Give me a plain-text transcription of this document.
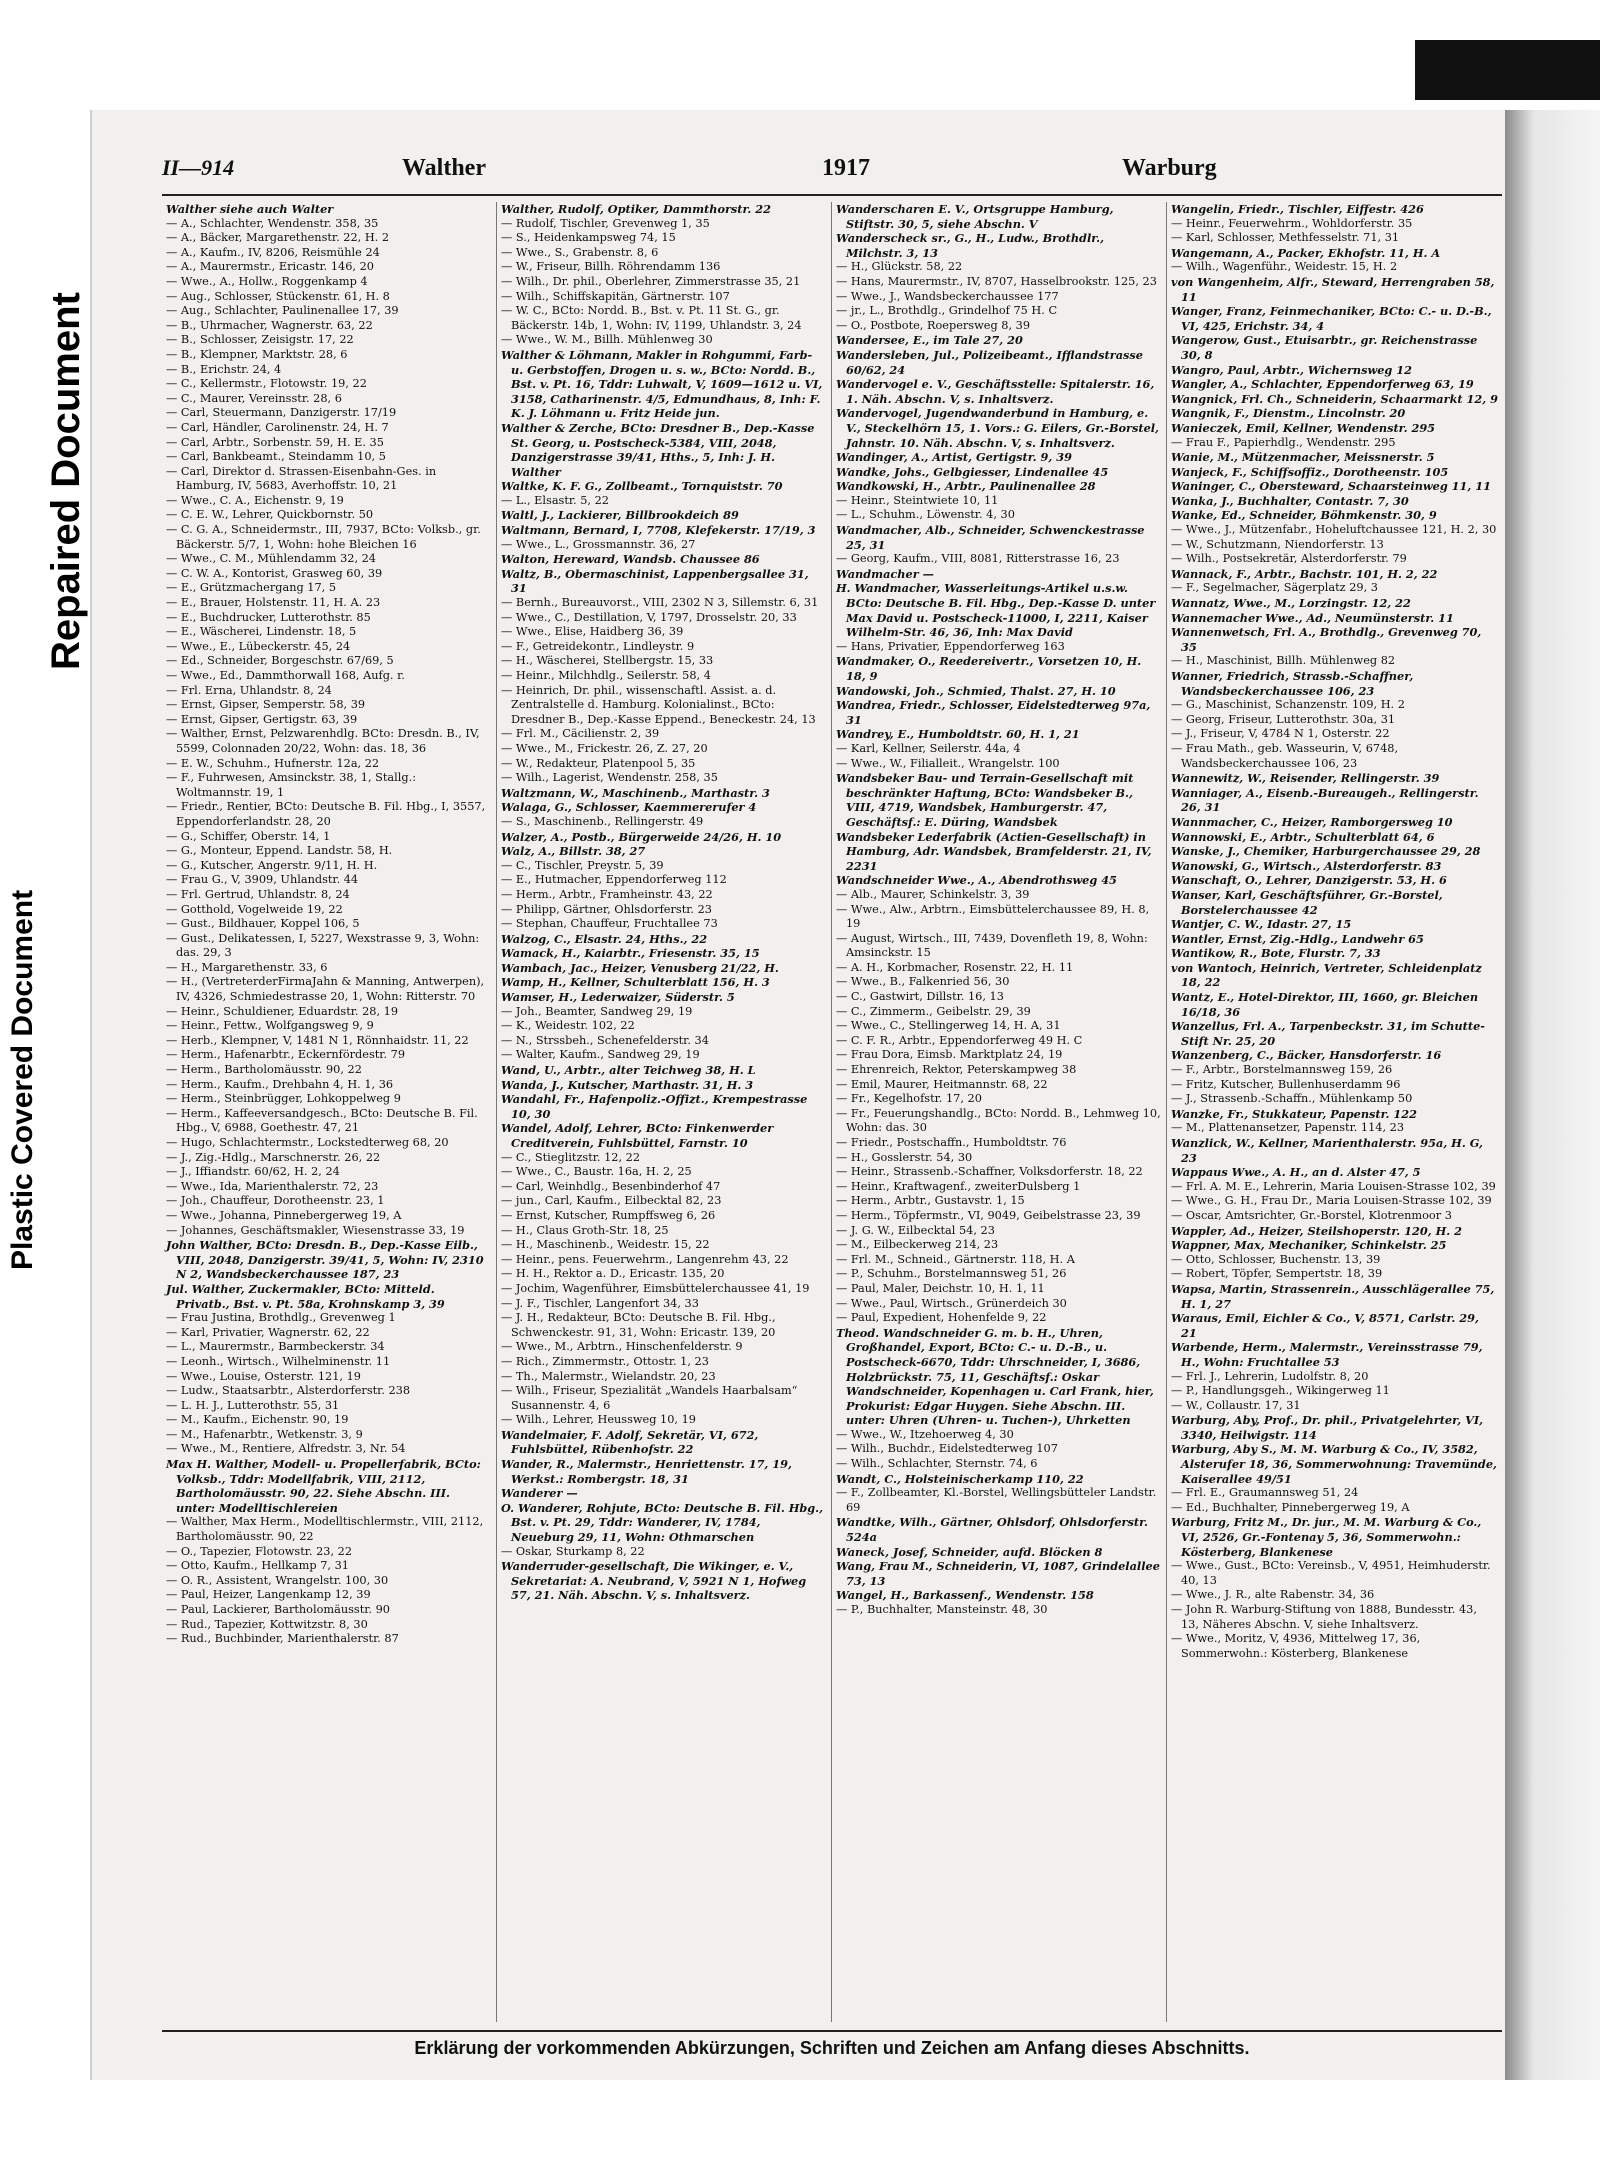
Plastic Covered Document
Repaired Document
II—914	Walther	1917	Warburg

Walther siehe auch Walter

— A., Schlachter, Wendenstr. 358, 35

— A., Bäcker, Margarethenstr. 22, H. 2

— A., Kaufm., IV, 8206, Reismühle 24

— A., Maurermstr., Ericastr. 146, 20

— Wwe., A., Hollw., Roggenkamp 4

— Aug., Schlosser, Stückenstr. 61, H. 8

— Aug., Schlachter, Paulinenallee 17, 39

— B., Uhrmacher, Wagnerstr. 63, 22

— B., Schlosser, Zeisigstr. 17, 22

— B., Klempner, Marktstr. 28, 6

— B., Erichstr. 24, 4

— C., Kellermstr., Flotowstr. 19, 22

— C., Maurer, Vereinsstr. 28, 6

— Carl, Steuermann, Danzigerstr. 17/19

— Carl, Händler, Carolinenstr. 24, H. 7

— Carl, Arbtr., Sorbenstr. 59, H. E. 35

— Carl, Bankbeamt., Steindamm 10, 5

— Carl, Direktor d. Strassen-Eisenbahn-Ges. in Hamburg, IV, 5683, Averhoffstr. 10, 21

— Wwe., C. A., Eichenstr. 9, 19

— C. E. W., Lehrer, Quickbornstr. 50

— C. G. A., Schneidermstr., III, 7937, BCto: Volksb., gr. Bäckerstr. 5/7, 1, Wohn: hohe Bleichen 16

— Wwe., C. M., Mühlendamm 32, 24

— C. W. A., Kontorist, Grasweg 60, 39

— E., Grützmachergang 17, 5

— E., Brauer, Holstenstr. 11, H. A. 23

— E., Buchdrucker, Lutterothstr. 85

— E., Wäscherei, Lindenstr. 18, 5

— Wwe., E., Lübeckerstr. 45, 24

— Ed., Schneider, Borgeschstr. 67/69, 5

— Wwe., Ed., Dammthorwall 168, Aufg. r.

— Frl. Erna, Uhlandstr. 8, 24

— Ernst, Gipser, Semperstr. 58, 39

— Ernst, Gipser, Gertigstr. 63, 39

— Walther, Ernst, Pelzwarenhdlg. BCto: Dresdn. B., IV, 5599, Colonnaden 20/22, Wohn: das. 18, 36

— E. W., Schuhm., Hufnerstr. 12a, 22

— F., Fuhrwesen, Amsinckstr. 38, 1, Stallg.: Woltmannstr. 19, 1

— Friedr., Rentier, BCto: Deutsche B. Fil. Hbg., I, 3557, Eppendorferlandstr. 28, 20

— G., Schiffer, Oberstr. 14, 1

— G., Monteur, Eppend. Landstr. 58, H.

— G., Kutscher, Angerstr. 9/11, H. H.

— Frau G., V, 3909, Uhlandstr. 44

— Frl. Gertrud, Uhlandstr. 8, 24

— Gotthold, Vogelweide 19, 22

— Gust., Bildhauer, Koppel 106, 5

— Gust., Delikatessen, I, 5227, Wexstrasse 9, 3, Wohn: das. 29, 3

— H., Margarethenstr. 33, 6

— H., (VertreterderFirmaJahn & Manning, Antwerpen), IV, 4326, Schmiedestrasse 20, 1, Wohn: Ritterstr. 70

— Heinr., Schuldiener, Eduardstr. 28, 19

— Heinr., Fettw., Wolfgangsweg 9, 9

— Herb., Klempner, V, 1481 N 1, Rönnhaidstr. 11, 22

— Herm., Hafenarbtr., Eckernfördestr. 79

— Herm., Bartholomäusstr. 90, 22

— Herm., Kaufm., Drehbahn 4, H. 1, 36

— Herm., Steinbrügger, Lohkoppelweg 9

— Herm., Kaffeeversandgesch., BCto: Deutsche B. Fil. Hbg., V, 6988, Goethestr. 47, 21

— Hugo, Schlachtermstr., Lockstedterweg 68, 20

— J., Zig.-Hdlg., Marschnerstr. 26, 22

— J., Iffiandstr. 60/62, H. 2, 24

— Wwe., Ida, Marienthalerstr. 72, 23

— Joh., Chauffeur, Dorotheenstr. 23, 1

— Wwe., Johanna, Pinnebergerweg 19, A

— Johannes, Geschäftsmakler, Wiesenstrasse 33, 19

John Walther, BCto: Dresdn. B., Dep.-Kasse Eilb., VIII, 2048, Danzigerstr. 39/41, 5, Wohn: IV, 2310 N 2, Wandsbeckerchaussee 187, 23

Jul. Walther, Zuckermakler, BCto: Mitteld. Privatb., Bst. v. Pt. 58a, Krohnskamp 3, 39

— Frau Justina, Brothdlg., Grevenweg 1

— Karl, Privatier, Wagnerstr. 62, 22

— L., Maurermstr., Barmbeckerstr. 34

— Leonh., Wirtsch., Wilhelminenstr. 11

— Wwe., Louise, Osterstr. 121, 19

— Ludw., Staatsarbtr., Alsterdorferstr. 238

— L. H. J., Lutterothstr. 55, 31

— M., Kaufm., Eichenstr. 90, 19

— M., Hafenarbtr., Wetkenstr. 3, 9

— Wwe., M., Rentiere, Alfredstr. 3, Nr. 54

Max H. Walther, Modell- u. Propellerfabrik, BCto: Volksb., Tddr: Modellfabrik, VIII, 2112, Bartholomäusstr. 90, 22. Siehe Abschn. III. unter: Modelltischlereien

— Walther, Max Herm., Modelltischlermstr., VIII, 2112, Bartholomäusstr. 90, 22

— O., Tapezier, Flotowstr. 23, 22

— Otto, Kaufm., Hellkamp 7, 31

— O. R., Assistent, Wrangelstr. 100, 30

— Paul, Heizer, Langenkamp 12, 39

— Paul, Lackierer, Bartholomäusstr. 90

— Rud., Tapezier, Kottwitzstr. 8, 30

— Rud., Buchbinder, Marienthalerstr. 87

Walther, Rudolf, Optiker, Dammthorstr. 22

— Rudolf, Tischler, Grevenweg 1, 35

— S., Heidenkampsweg 74, 15

— Wwe., S., Grabenstr. 8, 6

— W., Friseur, Billh. Röhrendamm 136

— Wilh., Dr. phil., Oberlehrer, Zimmerstrasse 35, 21

— Wilh., Schiffskapitän, Gärtnerstr. 107

— W. C., BCto: Nordd. B., Bst. v. Pt. 11 St. G., gr. Bäckerstr. 14b, 1, Wohn: IV, 1199, Uhlandstr. 3, 24

— Wwe., W. M., Billh. Mühlenweg 30

Walther & Löhmann, Makler in Rohgummi, Farb- u. Gerbstoffen, Drogen u. s. w., BCto: Nordd. B., Bst. v. Pt. 16, Tddr: Luhwalt, V, 1609—1612 u. VI, 3158, Catharinenstr. 4/5, Edmundhaus, 8, Inh: F. K. J. Löhmann u. Fritz Heide jun.

Walther & Zerche, BCto: Dresdner B., Dep.-Kasse St. Georg, u. Postscheck-5384, VIII, 2048, Danzigerstrasse 39/41, Hths., 5, Inh: J. H. Walther

Waltke, K. F. G., Zollbeamt., Tornquiststr. 70

— L., Elsastr. 5, 22

Waltl, J., Lackierer, Billbrookdeich 89

Waltmann, Bernard, I, 7708, Klefekerstr. 17/19, 3

— Wwe., L., Grossmannstr. 36, 27

Walton, Hereward, Wandsb. Chaussee 86

Waltz, B., Obermaschinist, Lappenbergsallee 31, 31

— Bernh., Bureauvorst., VIII, 2302 N 3, Sillemstr. 6, 31

— Wwe., C., Destillation, V, 1797, Drosselstr. 20, 33

— Wwe., Elise, Haidberg 36, 39

— F., Getreidekontr., Lindleystr. 9

— H., Wäscherei, Stellbergstr. 15, 33

— Heinr., Milchhdlg., Seilerstr. 58, 4

— Heinrich, Dr. phil., wissenschaftl. Assist. a. d. Zentralstelle d. Hamburg. Kolonialinst., BCto: Dresdner B., Dep.-Kasse Eppend., Beneckestr. 24, 13

— Frl. M., Cäcilienstr. 2, 39

— Wwe., M., Frickestr. 26, Z. 27, 20

— W., Redakteur, Platenpool 5, 35

— Wilh., Lagerist, Wendenstr. 258, 35

Waltzmann, W., Maschinenb., Marthastr. 3

Walaga, G., Schlosser, Kaemmererufer 4

— S., Maschinenb., Rellingerstr. 49

Walzer, A., Postb., Bürgerweide 24/26, H. 10

Walz, A., Billstr. 38, 27

— C., Tischler, Preystr. 5, 39

— E., Hutmacher, Eppendorferweg 112

— Herm., Arbtr., Framheinstr. 43, 22

— Philipp, Gärtner, Ohlsdorferstr. 23

— Stephan, Chauffeur, Fruchtallee 73

Walzog, C., Elsastr. 24, Hths., 22

Wamack, H., Kaiarbtr., Friesenstr. 35, 15

Wambach, Jac., Heizer, Venusberg 21/22, H.

Wamp, H., Kellner, Schulterblatt 156, H. 3

Wamser, H., Lederwaizer, Süderstr. 5

— Joh., Beamter, Sandweg 29, 19

— K., Weidestr. 102, 22

— N., Strssbeh., Schenefelderstr. 34

— Walter, Kaufm., Sandweg 29, 19

Wand, U., Arbtr., alter Teichweg 38, H. L

Wanda, J., Kutscher, Marthastr. 31, H. 3

Wandahl, Fr., Hafenpoliz.-Offizt., Krempestrasse 10, 30

Wandel, Adolf, Lehrer, BCto: Finkenwerder Creditverein, Fuhlsbüttel, Farnstr. 10

— C., Stieglitzstr. 12, 22

— Wwe., C., Baustr. 16a, H. 2, 25

— Carl, Weinhdlg., Besenbinderhof 47

— jun., Carl, Kaufm., Eilbecktal 82, 23

— Ernst, Kutscher, Rumpffsweg 6, 26

— H., Claus Groth-Str. 18, 25

— H., Maschinenb., Weidestr. 15, 22

— Heinr., pens. Feuerwehrm., Langenrehm 43, 22

— H. H., Rektor a. D., Ericastr. 135, 20

— Jochim, Wagenführer, Eimsbüttelerchaussee 41, 19

— J. F., Tischler, Langenfort 34, 33

— J. H., Redakteur, BCto: Deutsche B. Fil. Hbg., Schwenckestr. 91, 31, Wohn: Ericastr. 139, 20

— Wwe., M., Arbtrn., Hinschenfelderstr. 9

— Rich., Zimmermstr., Ottostr. 1, 23

— Th., Malermstr., Wielandstr. 20, 23

— Wilh., Friseur, Spezialität „Wandels Haarbalsam“ Susannenstr. 4, 6

— Wilh., Lehrer, Heussweg 10, 19

Wandelmaier, F. Adolf, Sekretär, VI, 672, Fuhlsbüttel, Rübenhofstr. 22

Wander, R., Malermstr., Henriettenstr. 17, 19, Werkst.: Rombergstr. 18, 31

Wanderer —

O. Wanderer, Rohjute, BCto: Deutsche B. Fil. Hbg., Bst. v. Pt. 29, Tddr: Wanderer, IV, 1784, Neueburg 29, 11, Wohn: Othmarschen

— Oskar, Sturkamp 8, 22

Wanderruder-gesellschaft, Die Wikinger, e. V., Sekretariat: A. Neubrand, V, 5921 N 1, Hofweg 57, 21. Näh. Abschn. V, s. Inhaltsverz.

Wanderscharen E. V., Ortsgruppe Hamburg, Stiftstr. 30, 5, siehe Abschn. V

Wanderscheck sr., G., H., Ludw., Brothdlr., Milchstr. 3, 13

— H., Glückstr. 58, 22

— Hans, Maurermstr., IV, 8707, Hasselbrookstr. 125, 23

— Wwe., J., Wandsbeckerchaussee 177

— jr., L., Brothdlg., Grindelhof 75 H. C

— O., Postbote, Roepersweg 8, 39

Wandersee, E., im Tale 27, 20

Wandersleben, Jul., Polizeibeamt., Ifflandstrasse 60/62, 24

Wandervogel e. V., Geschäftsstelle: Spitalerstr. 16, 1. Näh. Abschn. V, s. Inhaltsverz.

Wandervogel, Jugendwanderbund in Hamburg, e. V., Steckelhörn 15, 1. Vors.: G. Eilers, Gr.-Borstel, Jahnstr. 10. Näh. Abschn. V, s. Inhaltsverz.

Wandinger, A., Artist, Gertigstr. 9, 39

Wandke, Johs., Gelbgiesser, Lindenallee 45

Wandkowski, H., Arbtr., Paulinenallee 28

— Heinr., Steintwiete 10, 11

— L., Schuhm., Löwenstr. 4, 30

Wandmacher, Alb., Schneider, Schwenckestrasse 25, 31

— Georg, Kaufm., VIII, 8081, Ritterstrasse 16, 23

Wandmacher —

H. Wandmacher, Wasserleitungs-Artikel u.s.w. BCto: Deutsche B. Fil. Hbg., Dep.-Kasse D. unter Max David u. Postscheck-11000, I, 2211, Kaiser Wilhelm-Str. 46, 36, Inh: Max David

— Hans, Privatier, Eppendorferweg 163

Wandmaker, O., Reedereivertr., Vorsetzen 10, H. 18, 9

Wandowski, Joh., Schmied, Thalst. 27, H. 10

Wandrea, Friedr., Schlosser, Eidelstedterweg 97a, 31

Wandrey, E., Humboldtstr. 60, H. 1, 21

— Karl, Kellner, Seilerstr. 44a, 4

— Wwe., W., Filialleit., Wrangelstr. 100

Wandsbeker Bau- und Terrain-Gesellschaft mit beschränkter Haftung, BCto: Wandsbeker B., VIII, 4719, Wandsbek, Hamburgerstr. 47, Geschäftsf.: E. Düring, Wandsbek

Wandsbeker Lederfabrik (Actien-Gesellschaft) in Hamburg, Adr. Wandsbek, Bramfelderstr. 21, IV, 2231

Wandschneider Wwe., A., Abendrothsweg 45

— Alb., Maurer, Schinkelstr. 3, 39

— Wwe., Alw., Arbtrn., Eimsbüttelerchaussee 89, H. 8, 19

— August, Wirtsch., III, 7439, Dovenfleth 19, 8, Wohn: Amsinckstr. 15

— A. H., Korbmacher, Rosenstr. 22, H. 11

— Wwe., B., Falkenried 56, 30

— C., Gastwirt, Dillstr. 16, 13

— C., Zimmerm., Geibelstr. 29, 39

— Wwe., C., Stellingerweg 14, H. A, 31

— C. F. R., Arbtr., Eppendorferweg 49 H. C

— Frau Dora, Eimsb. Marktplatz 24, 19

— Ehrenreich, Rektor, Peterskampweg 38

— Emil, Maurer, Heitmannstr. 68, 22

— Fr., Kegelhofstr. 17, 20

— Fr., Feuerungshandlg., BCto: Nordd. B., Lehmweg 10, Wohn: das. 30

— Friedr., Postschaffn., Humboldtstr. 76

— H., Gosslerstr. 54, 30

— Heinr., Strassenb.-Schaffner, Volksdorferstr. 18, 22

— Heinr., Kraftwagenf., zweiterDulsberg 1

— Herm., Arbtr., Gustavstr. 1, 15

— Herm., Töpfermstr., VI, 9049, Geibelstrasse 23, 39

— J. G. W., Eilbecktal 54, 23

— M., Eilbeckerweg 214, 23

— Frl. M., Schneid., Gärtnerstr. 118, H. A

— P., Schuhm., Borstelmannsweg 51, 26

— Paul, Maler, Deichstr. 10, H. 1, 11

— Wwe., Paul, Wirtsch., Grünerdeich 30

— Paul, Expedient, Hohenfelde 9, 22

Theod. Wandschneider G. m. b. H., Uhren, Großhandel, Export, BCto: C.- u. D.-B., u. Postscheck-6670, Tddr: Uhrschneider, I, 3686, Holzbrückstr. 75, 11, Geschäftsf.: Oskar Wandschneider, Kopenhagen u. Carl Frank, hier, Prokurist: Edgar Huygen. Siehe Abschn. III. unter: Uhren (Uhren- u. Tuchen-), Uhrketten

— Wwe., W., Itzehoerweg 4, 30

— Wilh., Buchdr., Eidelstedterweg 107

— Wilh., Schlachter, Sternstr. 74, 6

Wandt, C., Holsteinischerkamp 110, 22

— F., Zollbeamter, Kl.-Borstel, Wellingsbütteler Landstr. 69

Wandtke, Wilh., Gärtner, Ohlsdorf, Ohlsdorferstr. 524a

Waneck, Josef, Schneider, aufd. Blöcken 8

Wang, Frau M., Schneiderin, VI, 1087, Grindelallee 73, 13

Wangel, H., Barkassenf., Wendenstr. 158

— P., Buchhalter, Mansteinstr. 48, 30

Wangelin, Friedr., Tischler, Eiffestr. 426

— Heinr., Feuerwehrm., Wohldorferstr. 35

— Karl, Schlosser, Methfesselstr. 71, 31

Wangemann, A., Packer, Ekhofstr. 11, H. A

— Wilh., Wagenführ., Weidestr. 15, H. 2

von Wangenheim, Alfr., Steward, Herrengraben 58, 11

Wanger, Franz, Feinmechaniker, BCto: C.- u. D.-B., VI, 425, Erichstr. 34, 4

Wangerow, Gust., Etuisarbtr., gr. Reichenstrasse 30, 8

Wangro, Paul, Arbtr., Wichernsweg 12

Wangler, A., Schlachter, Eppendorferweg 63, 19

Wangnick, Frl. Ch., Schneiderin, Schaarmarkt 12, 9

Wangnik, F., Dienstm., Lincolnstr. 20

Wanieczek, Emil, Kellner, Wendenstr. 295

— Frau F., Papierhdlg., Wendenstr. 295

Wanie, M., Mützenmacher, Meissnerstr. 5

Wanjeck, F., Schiffsoffiz., Dorotheenstr. 105

Waninger, C., Obersteward, Schaarsteinweg 11, 11

Wanka, J., Buchhalter, Contastr. 7, 30

Wanke, Ed., Schneider, Böhmkenstr. 30, 9

— Wwe., J., Mützenfabr., Hoheluftchaussee 121, H. 2, 30

— W., Schutzmann, Niendorferstr. 13

— Wilh., Postsekretär, Alsterdorferstr. 79

Wannack, F., Arbtr., Bachstr. 101, H. 2, 22

— F., Segelmacher, Sägerplatz 29, 3

Wannatz, Wwe., M., Lorzingstr. 12, 22

Wannemacher Wwe., Ad., Neumünsterstr. 11

Wannenwetsch, Frl. A., Brothdlg., Grevenweg 70, 35

— H., Maschinist, Billh. Mühlenweg 82

Wanner, Friedrich, Strassb.-Schaffner, Wandsbeckerchaussee 106, 23

— G., Maschinist, Schanzenstr. 109, H. 2

— Georg, Friseur, Lutterothstr. 30a, 31

— J., Friseur, V, 4784 N 1, Osterstr. 22

— Frau Math., geb. Wasseurin, V, 6748, Wandsbeckerchaussee 106, 23

Wannewitz, W., Reisender, Rellingerstr. 39

Wanniager, A., Eisenb.-Bureaugeh., Rellingerstr. 26, 31

Wannmacher, C., Heizer, Ramborgersweg 10

Wannowski, E., Arbtr., Schulterblatt 64, 6

Wanske, J., Chemiker, Harburgerchaussee 29, 28

Wanowski, G., Wirtsch., Alsterdorferstr. 83

Wanschaft, O., Lehrer, Danzigerstr. 53, H. 6

Wanser, Karl, Geschäftsführer, Gr.-Borstel, Borstelerchaussee 42

Wantjer, C. W., Idastr. 27, 15

Wantler, Ernst, Zig.-Hdlg., Landwehr 65

Wantikow, R., Bote, Flurstr. 7, 33

von Wantoch, Heinrich, Vertreter, Schleidenplatz 18, 22

Wantz, E., Hotel-Direktor, III, 1660, gr. Bleichen 16/18, 36

Wanzellus, Frl. A., Tarpenbeckstr. 31, im Schutte-Stift Nr. 25, 20

Wanzenberg, C., Bäcker, Hansdorferstr. 16

— F., Arbtr., Borstelmannsweg 159, 26

— Fritz, Kutscher, Bullenhuserdamm 96

— J., Strassenb.-Schaffn., Mühlenkamp 50

Wanzke, Fr., Stukkateur, Papenstr. 122

— M., Plattenansetzer, Papenstr. 114, 23

Wanzlick, W., Kellner, Marienthalerstr. 95a, H. G, 23

Wappaus Wwe., A. H., an d. Alster 47, 5

— Frl. A. M. E., Lehrerin, Maria Louisen-Strasse 102, 39

— Wwe., G. H., Frau Dr., Maria Louisen-Strasse 102, 39

— Oscar, Amtsrichter, Gr.-Borstel, Klotrenmoor 3

Wappler, Ad., Heizer, Steilshoperstr. 120, H. 2

Wappner, Max, Mechaniker, Schinkelstr. 25

— Otto, Schlosser, Buchenstr. 13, 39

— Robert, Töpfer, Sempertstr. 18, 39

Wapsa, Martin, Strassenrein., Ausschlägerallee 75, H. 1, 27

Waraus, Emil, Eichler & Co., V, 8571, Carlstr. 29, 21

Warbende, Herm., Malermstr., Vereinsstrasse 79, H., Wohn: Fruchtallee 53

— Frl. J., Lehrerin, Ludolfstr. 8, 20

— P., Handlungsgeh., Wikingerweg 11

— W., Collaustr. 17, 31

Warburg, Aby, Prof., Dr. phil., Privatgelehrter, VI, 3340, Heilwigstr. 114

Warburg, Aby S., M. M. Warburg & Co., IV, 3582, Alsterufer 18, 36, Sommerwohnung: Travemünde, Kaiserallee 49/51

— Frl. E., Graumannsweg 51, 24

— Ed., Buchhalter, Pinnebergerweg 19, A

Warburg, Fritz M., Dr. jur., M. M. Warburg & Co., VI, 2526, Gr.-Fontenay 5, 36, Sommerwohn.: Kösterberg, Blankenese

— Wwe., Gust., BCto: Vereinsb., V, 4951, Heimhuderstr. 40, 13

— Wwe., J. R., alte Rabenstr. 34, 36

— John R. Warburg-Stiftung von 1888, Bundesstr. 43, 13, Näheres Abschn. V, siehe Inhaltsverz.

— Wwe., Moritz, V, 4936, Mittelweg 17, 36, Sommerwohn.: Kösterberg, Blankenese

Erklärung der vorkommenden Abkürzungen, Schriften und Zeichen am Anfang dieses Abschnitts.
